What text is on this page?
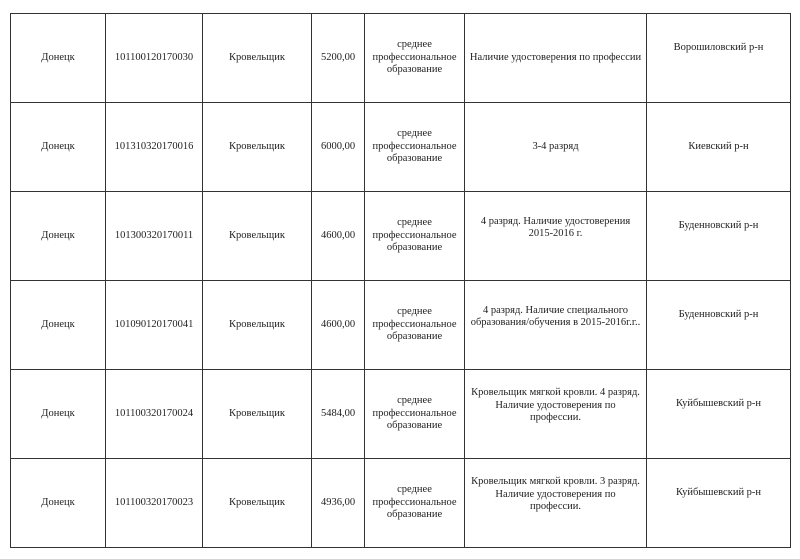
Донецк	101100120170030	Кровельщик	5200,00	среднее профессиональное образование	Наличие удостоверения по профессии	Ворошиловский р-н

Донецк	101310320170016	Кровельщик	6000,00	среднее профессиональное образование	3-4 разряд	Киевский р-н

Донецк	101300320170011	Кровельщик	4600,00	среднее профессиональное образование	4 разряд. Наличие удостоверения 2015-2016 г.	Буденновский р-н

Донецк	101090120170041	Кровельщик	4600,00	среднее профессиональное образование	4 разряд. Наличие специального образования/обучения в 2015-2016г.г..	Буденновский р-н

Донецк	101100320170024	Кровельщик	5484,00	среднее профессиональное образование	Кровельщик мягкой кровли. 4 разряд. Наличие удостоверения по профессии.	Куйбышевский р-н

Донецк	101100320170023	Кровельщик	4936,00	среднее профессиональное образование	Кровельщик мягкой кровли. 3 разряд. Наличие удостоверения по профессии.	Куйбышевский р-н
